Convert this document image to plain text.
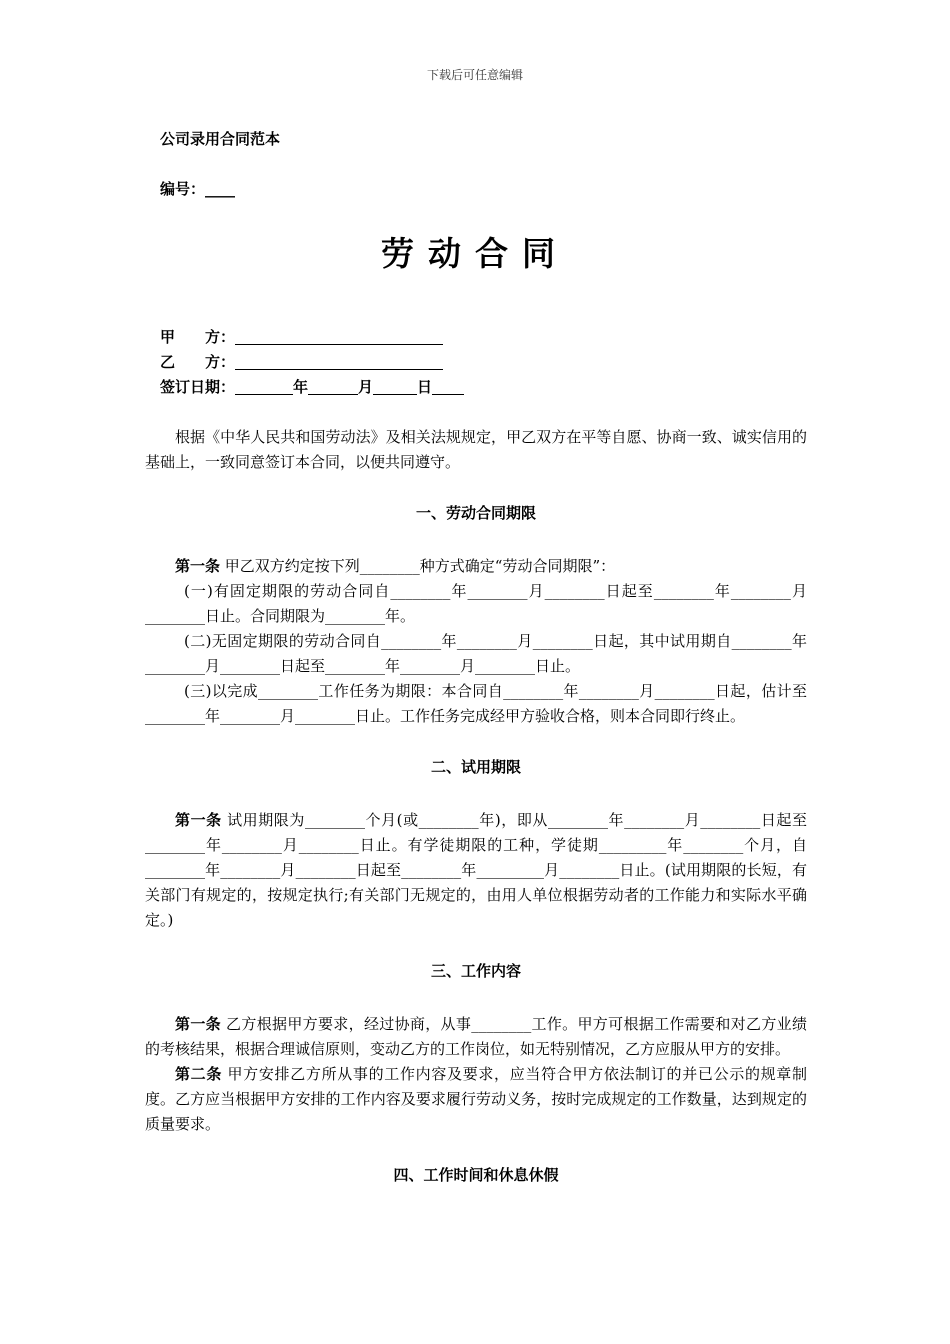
下载后可任意编辑
公司录用合同范本
编号：____
劳动合同
甲　　方：
乙　　方：
签订日期：	年	月	日

根据《中华人民共和国劳动法》及相关法规规定，甲乙双方在平等自愿、协商一致、诚实信用的基础上，一致同意签订本合同，以便共同遵守。

一、劳动合同期限

第一条 甲乙双方约定按下列________种方式确定“劳动合同期限”：

(一)有固定期限的劳动合同自________年________月________日起至________年________月________日止。合同期限为________年。

(二)无固定期限的劳动合同自________年________月________日起，其中试用期自________年________月________日起至________年________月________日止。

(三)以完成________工作任务为期限：本合同自________年________月________日起，估计至________年________月________日止。工作任务完成经甲方验收合格，则本合同即行终止。

二、试用期限

第一条 试用期限为________个月(或________年)，即从________年________月________日起至________年________月________日止。有学徒期限的工种，学徒期_________年________个月，自________年________月________日起至________年_________月________日止。(试用期限的长短，有关部门有规定的，按规定执行;有关部门无规定的，由用人单位根据劳动者的工作能力和实际水平确定。)

三、工作内容

第一条 乙方根据甲方要求，经过协商，从事________工作。甲方可根据工作需要和对乙方业绩的考核结果，根据合理诚信原则，变动乙方的工作岗位，如无特别情况，乙方应服从甲方的安排。

第二条 甲方安排乙方所从事的工作内容及要求，应当符合甲方依法制订的并已公示的规章制度。乙方应当根据甲方安排的工作内容及要求履行劳动义务，按时完成规定的工作数量，达到规定的质量要求。

四、工作时间和休息休假
